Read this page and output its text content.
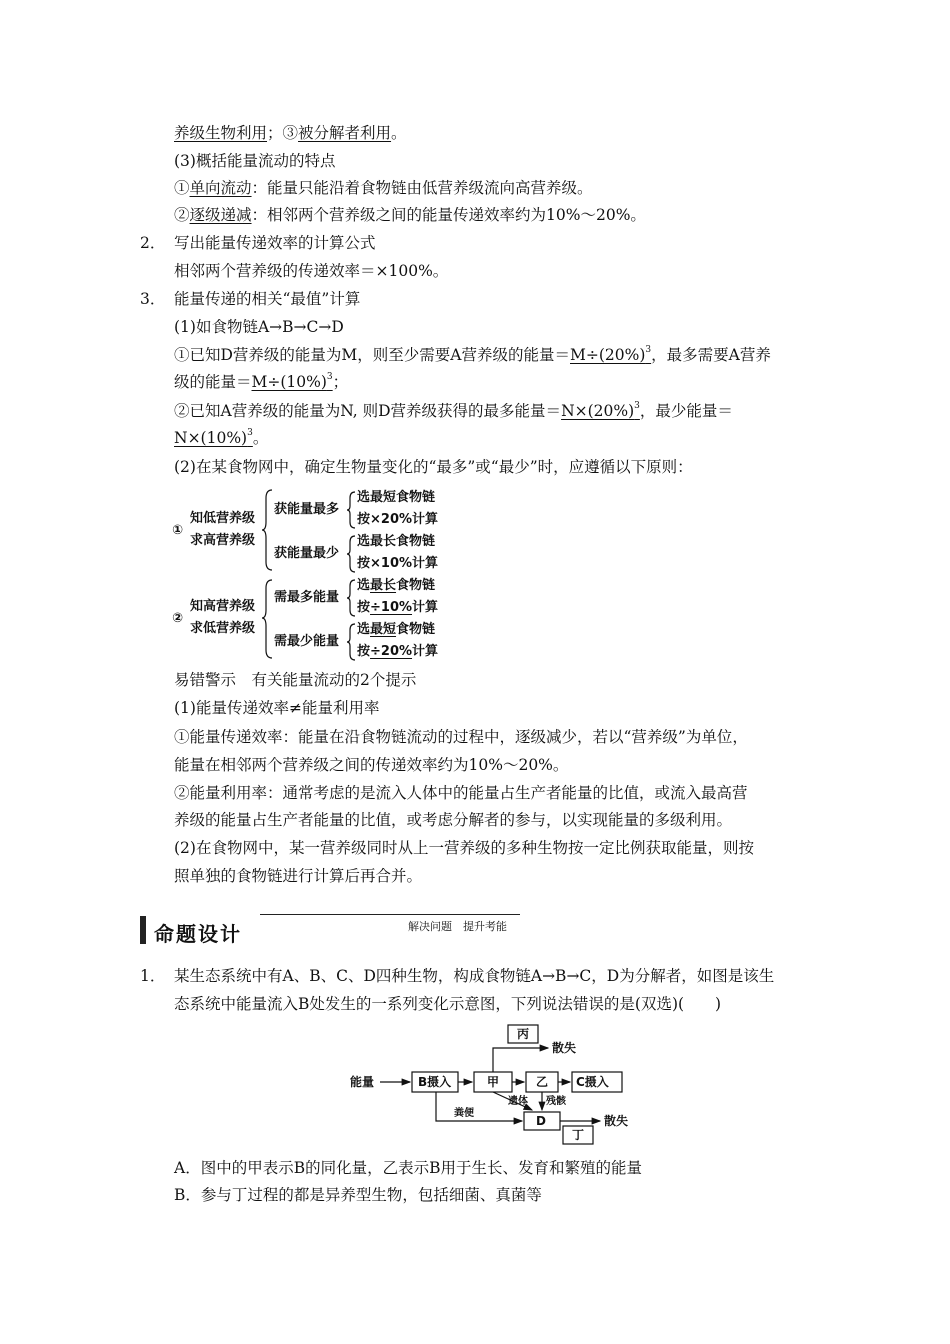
养级生物利用；③被分解者利用。
(3)概括能量流动的特点
①单向流动：能量只能沿着食物链由低营养级流向高营养级。
②逐级递减：相邻两个营养级之间的能量传递效率约为10%～20%。
2． 写出能量传递效率的计算公式
相邻两个营养级的传递效率＝×100%。
3． 能量传递的相关“最值”计算
(1)如食物链A→B→C→D
①已知D营养级的能量为M，则至少需要A营养级的能量$=M\div(20\%)^3$，最多需要A营养
级的能量$=M\div(10\%)^3$；
②已知A营养级的能量为N, 则D营养级获得的最多能量$=N\times(20\%)^3$，最少能量＝
$N\times(10\%)^3$。
(2)在某食物网中，确定生物量变化的“最多”或“最少”时，应遵循以下原则：
①
知低营养级
求高营养级
获能量最多
获能量最少
选最短食物链
按×20%计算
选最长食物链
按×10%计算
②
知高营养级
求低营养级
需最多能量
需最少能量
选最长食物链
按÷10%计算
选最短食物链
按÷20%计算
易错警示　有关能量流动的2个提示
(1)能量传递效率≠能量利用率
①能量传递效率：能量在沿食物链流动的过程中，逐级减少，若以“营养级”为单位，
能量在相邻两个营养级之间的传递效率约为10%～20%。
②能量利用率：通常考虑的是流入人体中的能量占生产者能量的比值，或流入最高营
养级的能量占生产者能量的比值，或考虑分解者的参与，以实现能量的多级利用。
(2)在食物网中，某一营养级同时从上一营养级的多种生物按一定比例获取能量，则按
照单独的食物链进行计算后再合并。
命题设计	解决问题　提升考能
1． 某生态系统中有A、B、C、D四种生物，构成食物链A→B→C，D为分解者，如图是该生
态系统中能量流入B处发生的一系列变化示意图，下列说法错误的是(双选)(　　)
能量	B摄入	甲	乙 C摄入
丙
散失
D
丁
散失
粪便
遗体 残骸
A．图中的甲表示B的同化量，乙表示B用于生长、发育和繁殖的能量
B．参与丁过程的都是异养型生物，包括细菌、真菌等
